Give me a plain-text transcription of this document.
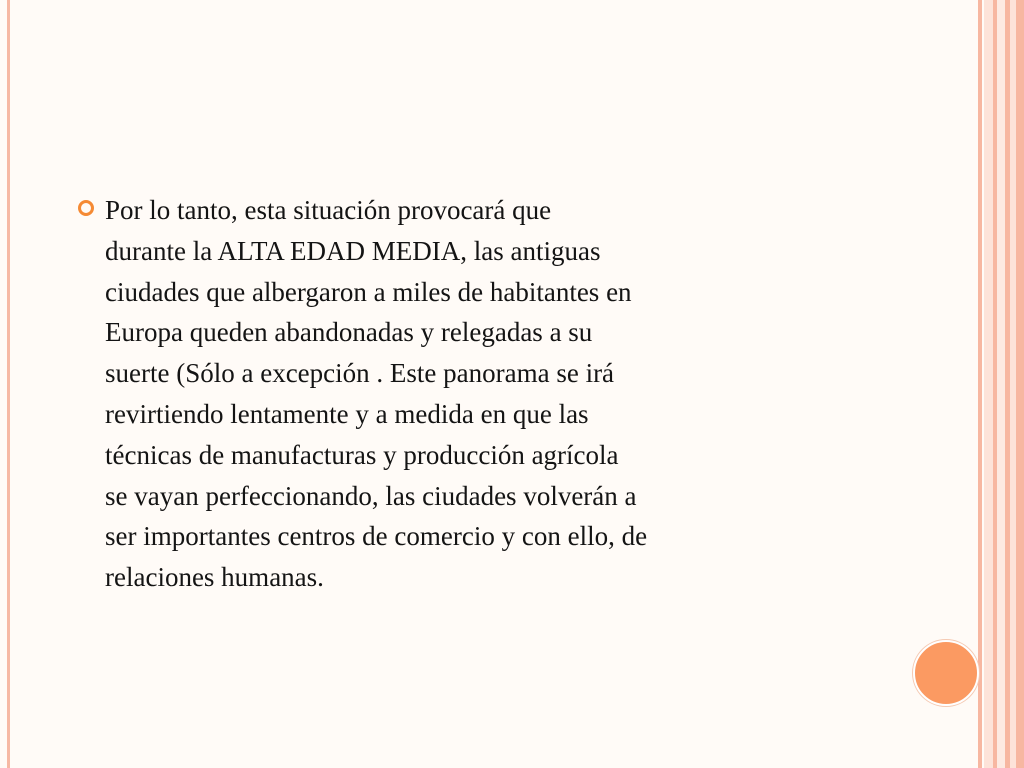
Por lo tanto, esta situación provocará que
durante la ALTA EDAD MEDIA, las antiguas
ciudades que albergaron a miles de habitantes en
Europa queden abandonadas y relegadas a su
suerte (Sólo a excepción . Este panorama se irá
revirtiendo lentamente y a medida en que las
técnicas de manufacturas y producción agrícola
se vayan perfeccionando, las ciudades volverán a
ser importantes centros de comercio y con ello, de
relaciones humanas.
